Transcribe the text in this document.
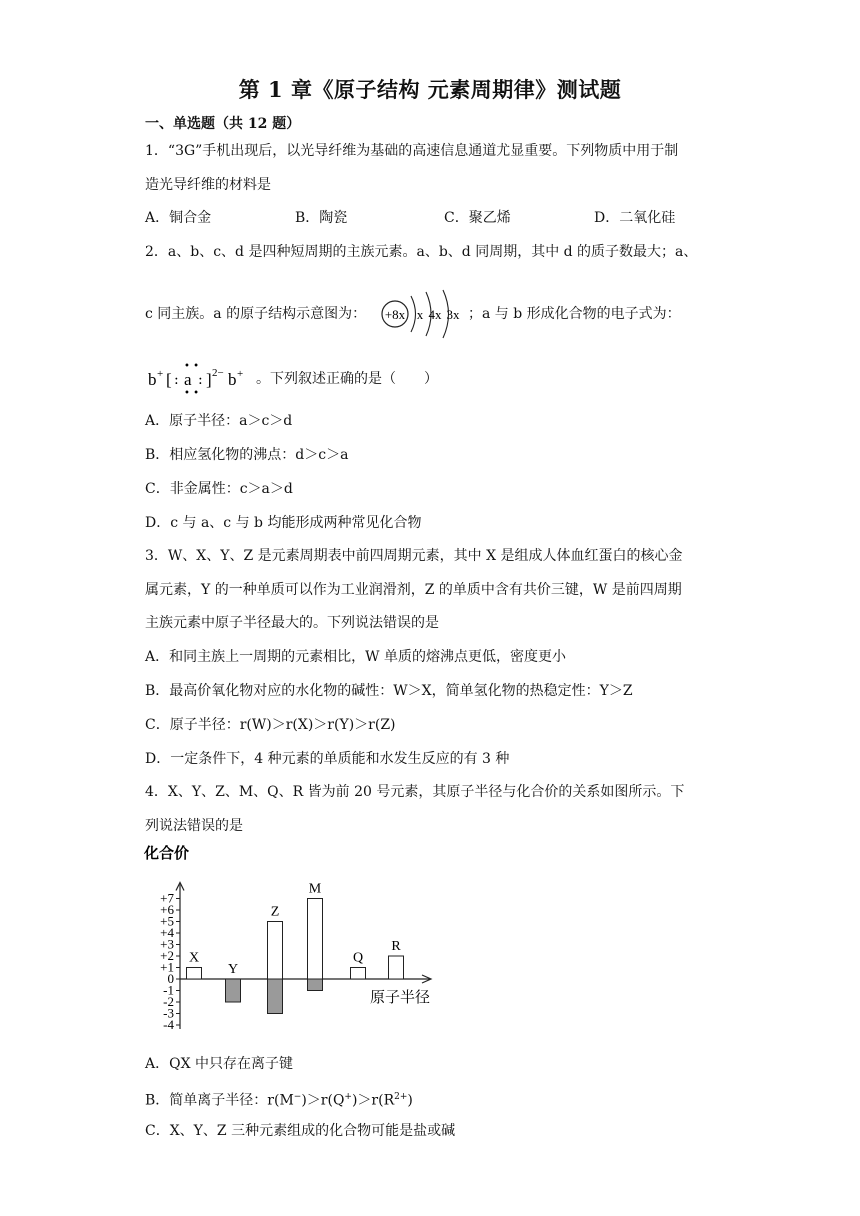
第 1 章《原子结构 元素周期律》测试题
一、单选题（共 12 题）
1．“3G”手机出现后，以光导纤维为基础的高速信息通道尤显重要。下列物质中用于制
造光导纤维的材料是
A．铜合金	B．陶瓷	C．聚乙烯	D．二氧化硅
2．a、b、c、d 是四种短周期的主族元素。a、b、d 同周期，其中 d 的质子数最大；a、
c 同主族。a 的原子结构示意图为： +8x x 4x 3x ；a 与 b 形成化合物的电子式为：
b + [ : a
• •
• •
: ] 2− b + 。下列叙述正确的是（　　）
A．原子半径：a＞c＞d
B．相应氢化物的沸点：d＞c＞a
C．非金属性：c＞a＞d
D．c 与 a、c 与 b 均能形成两种常见化合物
3．W、X、Y、Z 是元素周期表中前四周期元素，其中 X 是组成人体血红蛋白的核心金
属元素，Y 的一种单质可以作为工业润滑剂，Z 的单质中含有共价三键，W 是前四周期
主族元素中原子半径最大的。下列说法错误的是
A．和同主族上一周期的元素相比，W 单质的熔沸点更低，密度更小
B．最高价氧化物对应的水化物的碱性：W＞X，简单氢化物的热稳定性：Y＞Z
C．原子半径：r(W)＞r(X)＞r(Y)＞r(Z)
D．一定条件下，4 种元素的单质能和水发生反应的有 3 种
4．X、Y、Z、M、Q、R 皆为前 20 号元素，其原子半径与化合价的关系如图所示。下
列说法错误的是
化合价
+7
+6
+5
+4
+3
+2
+1
0
-1
-2
-3
-4
X
Y
Z
M
Q
R
原子半径
A．QX 中只存在离子键
B．简单离子半径：$r(M^-)>r(Q^+)>r(R^{2+})$
C．X、Y、Z 三种元素组成的化合物可能是盐或碱
